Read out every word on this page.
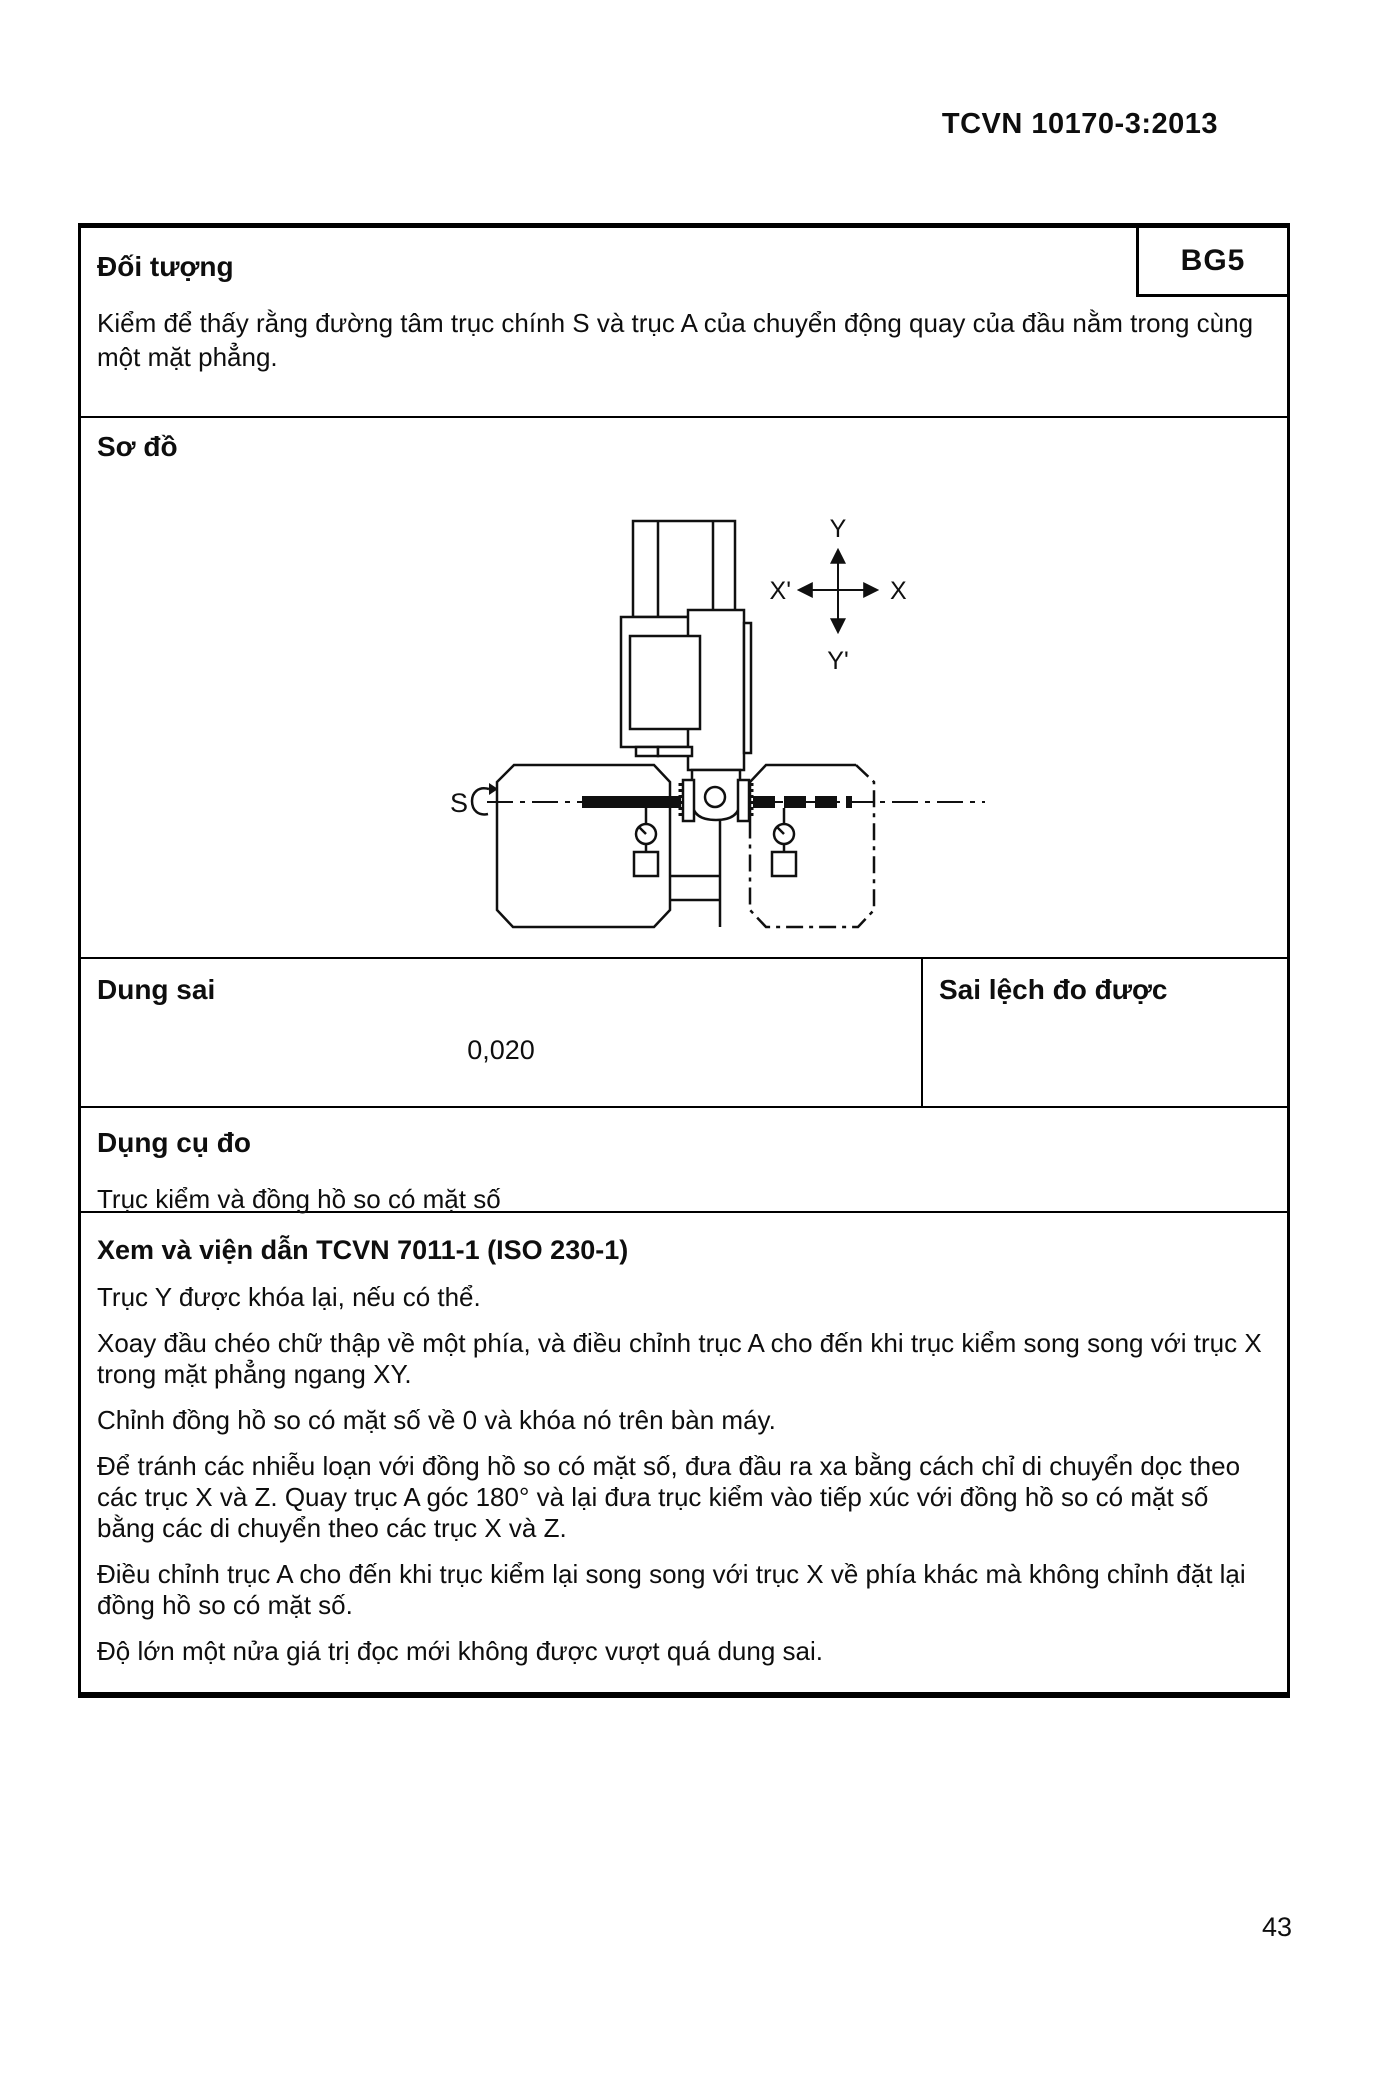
TCVN 10170-3:2013
Đối tượng	BG5
Kiểm để thấy rằng đường tâm trục chính S và trục A của chuyển động quay của đầu nằm trong cùng một mặt phẳng.
Sơ đồ
Y
Y'
X
X'
S
Dung sai
0,020
Sai lệch đo được
Dụng cụ đo
Trục kiểm và đồng hồ so có mặt số
Xem và viện dẫn TCVN 7011-1 (ISO 230-1)

Trục Y được khóa lại, nếu có thể.

Xoay đầu chéo chữ thập về một phía, và điều chỉnh trục A cho đến khi trục kiểm song song với trục X trong mặt phẳng ngang XY.

Chỉnh đồng hồ so có mặt số về 0 và khóa nó trên bàn máy.

Để tránh các nhiễu loạn với đồng hồ so có mặt số, đưa đầu ra xa bằng cách chỉ di chuyển dọc theo các trục X và Z. Quay trục A góc 180° và lại đưa trục kiểm vào tiếp xúc với đồng hồ so có mặt số bằng các di chuyển theo các trục X và Z.

Điều chỉnh trục A cho đến khi trục kiểm lại song song với trục X về phía khác mà không chỉnh đặt lại đồng hồ so có mặt số.

Độ lớn một nửa giá trị đọc mới không được vượt quá dung sai.

43
